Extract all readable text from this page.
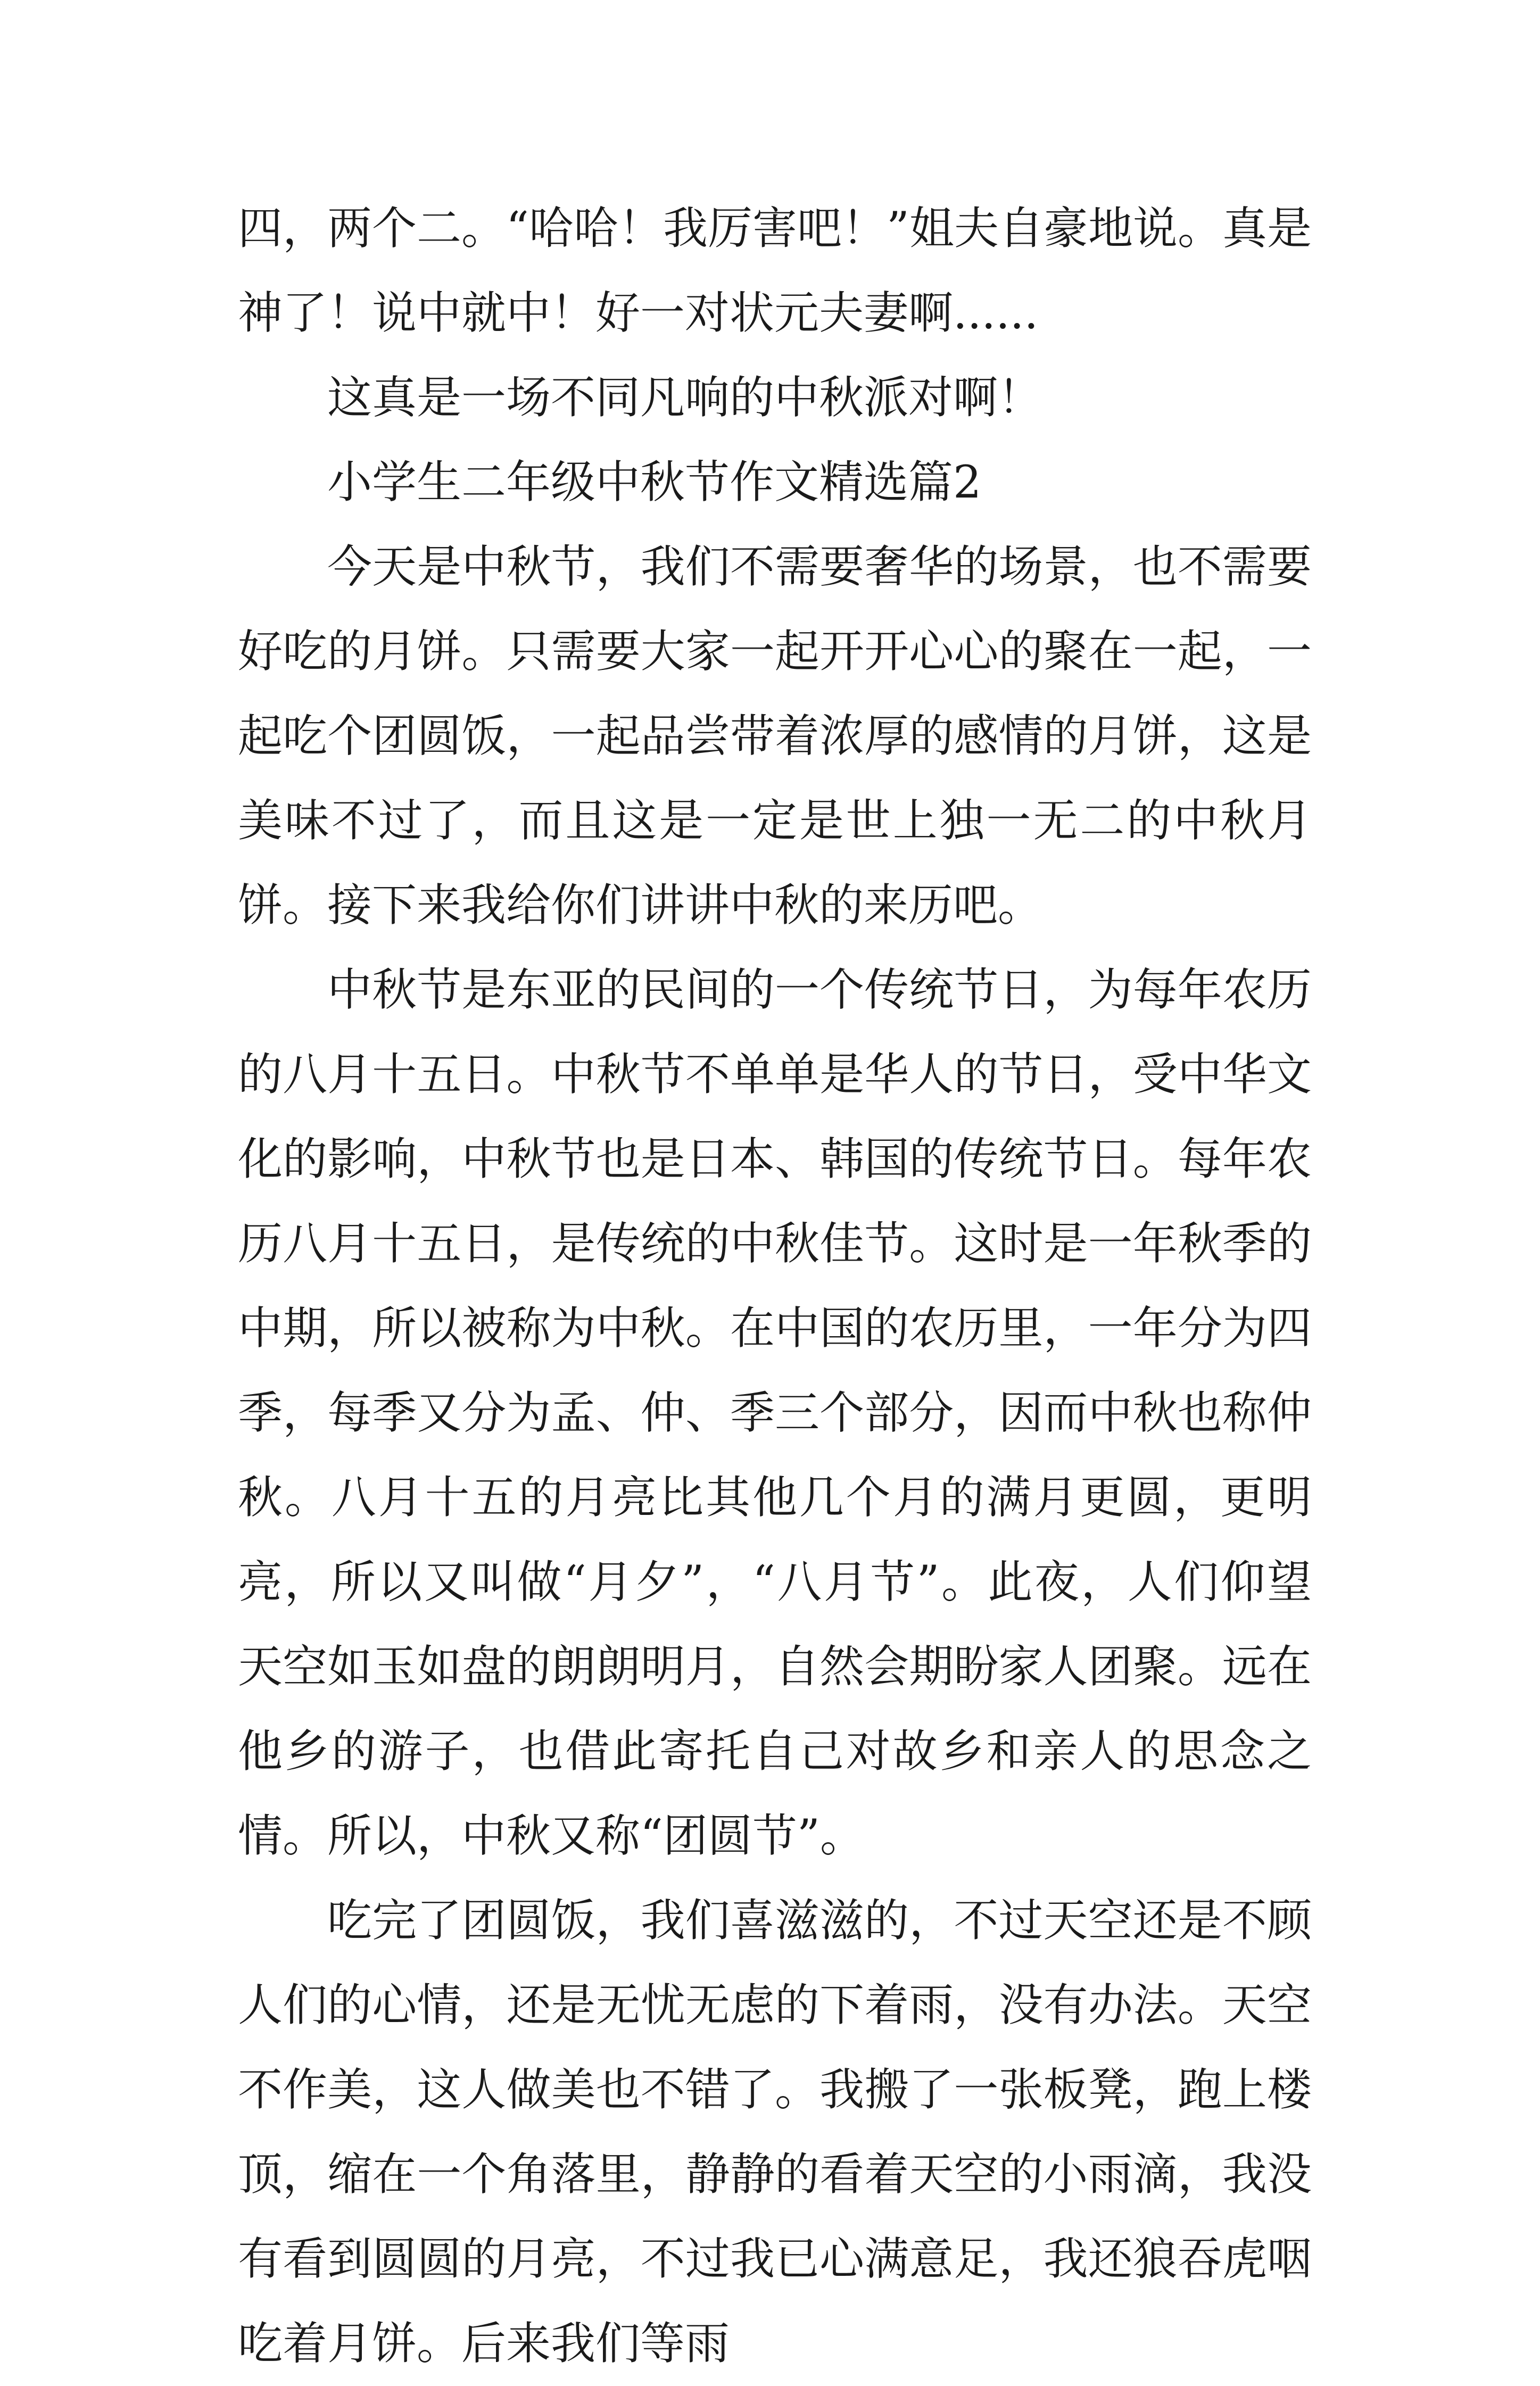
四，两个二。“哈哈！我厉害吧！”姐夫自豪地说。真是神了！说中就中！好一对状元夫妻啊......

这真是一场不同凡响的中秋派对啊！

小学生二年级中秋节作文精选篇2

今天是中秋节，我们不需要奢华的场景，也不需要好吃的月饼。只需要大家一起开开心心的聚在一起，一起吃个团圆饭，一起品尝带着浓厚的感情的月饼，这是美味不过了，而且这是一定是世上独一无二的中秋月饼。接下来我给你们讲讲中秋的来历吧。

中秋节是东亚的民间的一个传统节日，为每年农历的八月十五日。中秋节不单单是华人的节日，受中华文化的影响，中秋节也是日本、韩国的传统节日。每年农历八月十五日，是传统的中秋佳节。这时是一年秋季的中期，所以被称为中秋。在中国的农历里，一年分为四季，每季又分为孟、仲、季三个部分，因而中秋也称仲秋。八月十五的月亮比其他几个月的满月更圆，更明亮，所以又叫做“月夕”，“八月节”。此夜，人们仰望天空如玉如盘的朗朗明月，自然会期盼家人团聚。远在他乡的游子，也借此寄托自己对故乡和亲人的思念之情。所以，中秋又称“团圆节”。

吃完了团圆饭，我们喜滋滋的，不过天空还是不顾人们的心情，还是无忧无虑的下着雨，没有办法。天空不作美，这人做美也不错了。我搬了一张板凳，跑上楼顶，缩在一个角落里，静静的看着天空的小雨滴，我没有看到圆圆的月亮，不过我已心满意足，我还狼吞虎咽吃着月饼。后来我们等雨
